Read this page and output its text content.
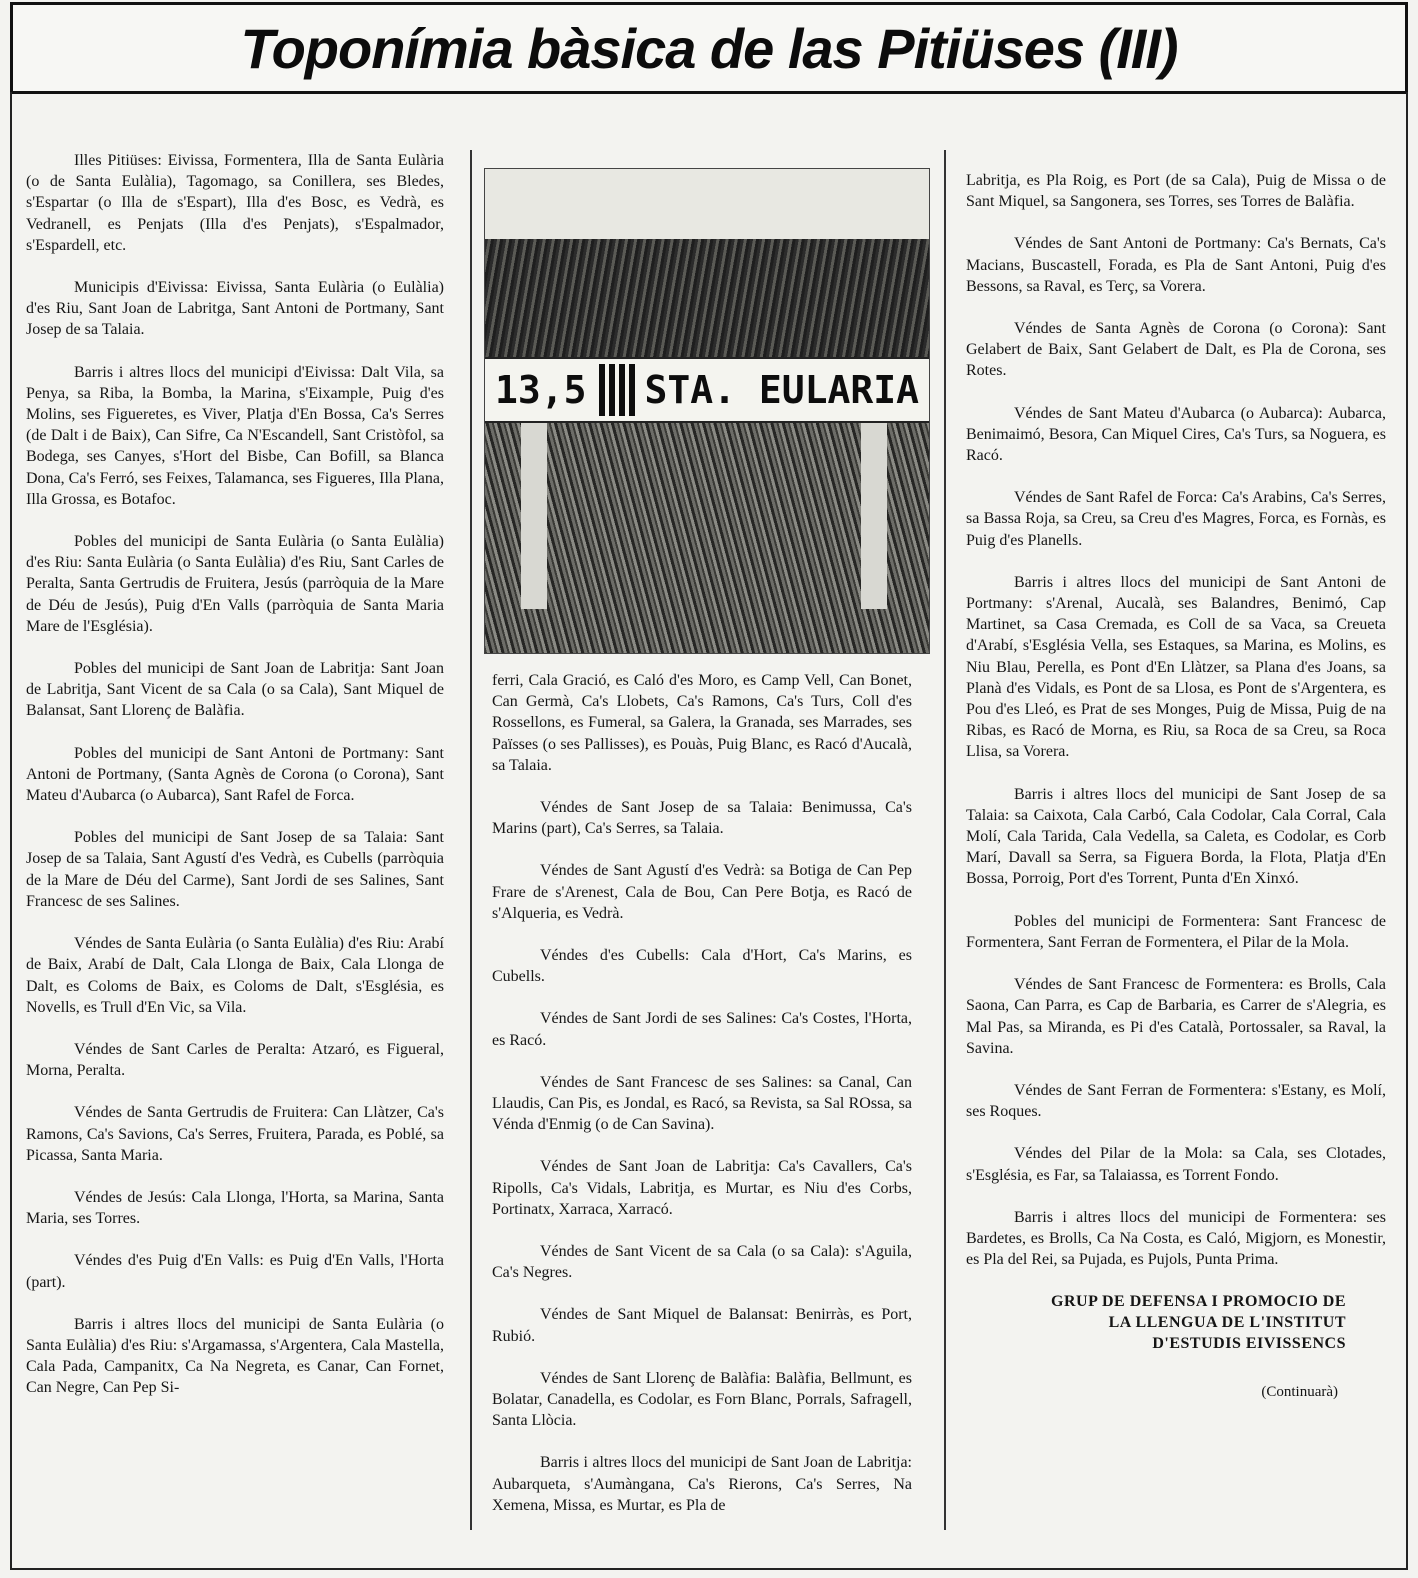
Toponímia bàsica de las Pitiüses (III)

Illes Pitiüses: Eivissa, Formentera, Illa de Santa Eulària (o de Santa Eulàlia), Tagomago, sa Conillera, ses Bledes, s'Espartar (o Illa de s'Espart), Illa d'es Bosc, es Vedrà, es Vedranell, es Penjats (Illa d'es Penjats), s'Espalmador, s'Espardell, etc.

Municipis d'Eivissa: Eivissa, Santa Eulària (o Eulàlia) d'es Riu, Sant Joan de Labritga, Sant Antoni de Portmany, Sant Josep de sa Talaia.

Barris i altres llocs del municipi d'Eivissa: Dalt Vila, sa Penya, sa Riba, la Bomba, la Marina, s'Eixample, Puig d'es Molins, ses Figueretes, es Viver, Platja d'En Bossa, Ca's Serres (de Dalt i de Baix), Can Sifre, Ca N'Escandell, Sant Cristòfol, sa Bodega, ses Canyes, s'Hort del Bisbe, Can Bofill, sa Blanca Dona, Ca's Ferró, ses Feixes, Talamanca, ses Figueres, Illa Plana, Illa Grossa, es Botafoc.

Pobles del municipi de Santa Eulària (o Santa Eulàlia) d'es Riu: Santa Eulària (o Santa Eulàlia) d'es Riu, Sant Carles de Peralta, Santa Gertrudis de Fruitera, Jesús (parròquia de la Mare de Déu de Jesús), Puig d'En Valls (parròquia de Santa Maria Mare de l'Església).

Pobles del municipi de Sant Joan de Labritja: Sant Joan de Labritja, Sant Vicent de sa Cala (o sa Cala), Sant Miquel de Balansat, Sant Llorenç de Balàfia.

Pobles del municipi de Sant Antoni de Portmany: Sant Antoni de Portmany, (Santa Agnès de Corona (o Corona), Sant Mateu d'Aubarca (o Aubarca), Sant Rafel de Forca.

Pobles del municipi de Sant Josep de sa Talaia: Sant Josep de sa Talaia, Sant Agustí d'es Vedrà, es Cubells (parròquia de la Mare de Déu del Carme), Sant Jordi de ses Salines, Sant Francesc de ses Salines.

Véndes de Santa Eulària (o Santa Eulàlia) d'es Riu: Arabí de Baix, Arabí de Dalt, Cala Llonga de Baix, Cala Llonga de Dalt, es Coloms de Baix, es Coloms de Dalt, s'Església, es Novells, es Trull d'En Vic, sa Vila.

Véndes de Sant Carles de Peralta: Atzaró, es Figueral, Morna, Peralta.

Véndes de Santa Gertrudis de Fruitera: Can Llàtzer, Ca's Ramons, Ca's Savions, Ca's Serres, Fruitera, Parada, es Poblé, sa Picassa, Santa Maria.

Véndes de Jesús: Cala Llonga, l'Horta, sa Marina, Santa Maria, ses Torres.

Véndes d'es Puig d'En Valls: es Puig d'En Valls, l'Horta (part).

Barris i altres llocs del municipi de Santa Eulària (o Santa Eulàlia) d'es Riu: s'Argamassa, s'Argentera, Cala Mastella, Cala Pada, Campanitx, Ca Na Negreta, es Canar, Can Fornet, Can Negre, Can Pep Si-

13,5 STA. EULARIA

ferri, Cala Gració, es Caló d'es Moro, es Camp Vell, Can Bonet, Can Germà, Ca's Llobets, Ca's Ramons, Ca's Turs, Coll d'es Rossellons, es Fumeral, sa Galera, la Granada, ses Marrades, ses Païsses (o ses Pallisses), es Pouàs, Puig Blanc, es Racó d'Aucalà, sa Talaia.

Véndes de Sant Josep de sa Talaia: Benimussa, Ca's Marins (part), Ca's Serres, sa Talaia.

Véndes de Sant Agustí d'es Vedrà: sa Botiga de Can Pep Frare de s'Arenest, Cala de Bou, Can Pere Botja, es Racó de s'Alqueria, es Vedrà.

Véndes d'es Cubells: Cala d'Hort, Ca's Marins, es Cubells.

Véndes de Sant Jordi de ses Salines: Ca's Costes, l'Horta, es Racó.

Véndes de Sant Francesc de ses Salines: sa Canal, Can Llaudis, Can Pis, es Jondal, es Racó, sa Revista, sa Sal ROssa, sa Vénda d'Enmig (o de Can Savina).

Véndes de Sant Joan de Labritja: Ca's Cavallers, Ca's Ripolls, Ca's Vidals, Labritja, es Murtar, es Niu d'es Corbs, Portinatx, Xarraca, Xarracó.

Véndes de Sant Vicent de sa Cala (o sa Cala): s'Aguila, Ca's Negres.

Véndes de Sant Miquel de Balansat: Benirràs, es Port, Rubió.

Véndes de Sant Llorenç de Balàfia: Balàfia, Bellmunt, es Bolatar, Canadella, es Codolar, es Forn Blanc, Porrals, Safragell, Santa Llòcia.

Barris i altres llocs del municipi de Sant Joan de Labritja: Aubarqueta, s'Aumàngana, Ca's Rierons, Ca's Serres, Na Xemena, Missa, es Murtar, es Pla de

Labritja, es Pla Roig, es Port (de sa Cala), Puig de Missa o de Sant Miquel, sa Sangonera, ses Torres, ses Torres de Balàfia.

Véndes de Sant Antoni de Portmany: Ca's Bernats, Ca's Macians, Buscastell, Forada, es Pla de Sant Antoni, Puig d'es Bessons, sa Raval, es Terç, sa Vorera.

Véndes de Santa Agnès de Corona (o Corona): Sant Gelabert de Baix, Sant Gelabert de Dalt, es Pla de Corona, ses Rotes.

Véndes de Sant Mateu d'Aubarca (o Aubarca): Aubarca, Benimaimó, Besora, Can Miquel Cires, Ca's Turs, sa Noguera, es Racó.

Véndes de Sant Rafel de Forca: Ca's Arabins, Ca's Serres, sa Bassa Roja, sa Creu, sa Creu d'es Magres, Forca, es Fornàs, es Puig d'es Planells.

Barris i altres llocs del municipi de Sant Antoni de Portmany: s'Arenal, Aucalà, ses Balandres, Benimó, Cap Martinet, sa Casa Cremada, es Coll de sa Vaca, sa Creueta d'Arabí, s'Església Vella, ses Estaques, sa Marina, es Molins, es Niu Blau, Perella, es Pont d'En Llàtzer, sa Plana d'es Joans, sa Planà d'es Vidals, es Pont de sa Llosa, es Pont de s'Argentera, es Pou d'es Lleó, es Prat de ses Monges, Puig de Missa, Puig de na Ribas, es Racó de Morna, es Riu, sa Roca de sa Creu, sa Roca Llisa, sa Vorera.

Barris i altres llocs del municipi de Sant Josep de sa Talaia: sa Caixota, Cala Carbó, Cala Codolar, Cala Corral, Cala Molí, Cala Tarida, Cala Vedella, sa Caleta, es Codolar, es Corb Marí, Davall sa Serra, sa Figuera Borda, la Flota, Platja d'En Bossa, Porroig, Port d'es Torrent, Punta d'En Xinxó.

Pobles del municipi de Formentera: Sant Francesc de Formentera, Sant Ferran de Formentera, el Pilar de la Mola.

Véndes de Sant Francesc de Formentera: es Brolls, Cala Saona, Can Parra, es Cap de Barbaria, es Carrer de s'Alegria, es Mal Pas, sa Miranda, es Pi d'es Català, Portossaler, sa Raval, la Savina.

Véndes de Sant Ferran de Formentera: s'Estany, es Molí, ses Roques.

Véndes del Pilar de la Mola: sa Cala, ses Clotades, s'Església, es Far, sa Talaiassa, es Torrent Fondo.

Barris i altres llocs del municipi de Formentera: ses Bardetes, es Brolls, Ca Na Costa, es Caló, Migjorn, es Monestir, es Pla del Rei, sa Pujada, es Pujols, Punta Prima.

GRUP DE DEFENSA I PROMOCIO DE
LA LLENGUA DE L'INSTITUT
D'ESTUDIS EIVISSENCS
(Continuarà)
